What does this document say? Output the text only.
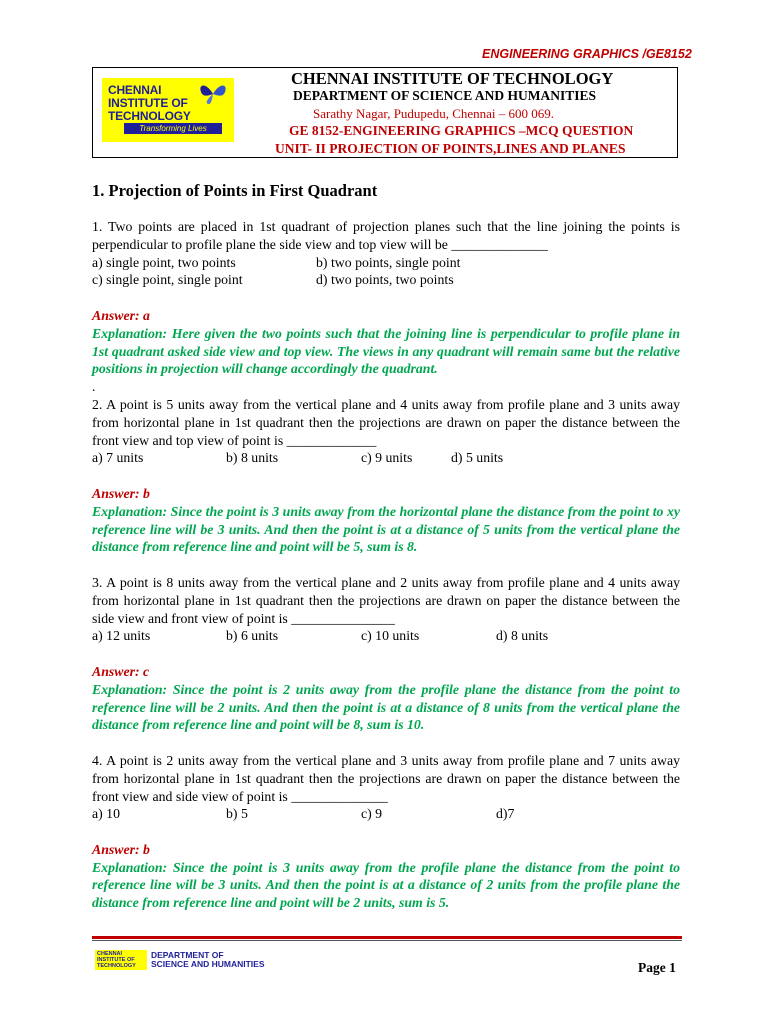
ENGINEERING GRAPHICS /GE8152
CHENNAI
INSTITUTE OF
TECHNOLOGY
Transforming Lives
CHENNAI INSTITUTE OF TECHNOLOGY
DEPARTMENT OF SCIENCE AND HUMANITIES
Sarathy Nagar, Pudupedu, Chennai – 600 069.
GE 8152-ENGINEERING GRAPHICS –MCQ QUESTION
UNIT- II PROJECTION OF POINTS,LINES AND PLANES
1. Projection of Points in First Quadrant

1. Two points are placed in 1st quadrant of projection planes such that the line joining the points is perpendicular to profile plane the side view and top view will be ______________

a) single point, two points	b) two points, single point
c) single point, single point	d) two points, two points

Answer: a

Explanation: Here given the two points such that the joining line is perpendicular to profile plane in 1st quadrant asked side view and top view. The views in any quadrant will remain same but the relative positions in projection will change accordingly the quadrant.

.

2. A point is 5 units away from the vertical plane and 4 units away from profile plane and 3 units away from horizontal plane in 1st quadrant then the projections are drawn on paper the distance between the front view and top view of point is _____________

a) 7 units	b) 8 units	c) 9 units	d) 5 units

Answer: b

Explanation: Since the point is 3 units away from the horizontal plane the distance from the point to xy reference line will be 3 units. And then the point is at a distance of 5 units from the vertical plane the distance from reference line and point will be 5, sum is 8.

3. A point is 8 units away from the vertical plane and 2 units away from profile plane and 4 units away from horizontal plane in 1st quadrant then the projections are drawn on paper the distance between the side view and front view of point is _______________

a) 12 units	b) 6 units	c) 10 units	d) 8 units

Answer: c

Explanation: Since the point is 2 units away from the profile plane the distance from the point to reference line will be 2 units. And then the point is at a distance of 8 units from the vertical plane the distance from reference line and point will be 8, sum is 10.

4. A point is 2 units away from the vertical plane and 3 units away from profile plane and 7 units away from horizontal plane in 1st quadrant then the projections are drawn on paper the distance between the front view and side view of point is ______________

a) 10	b) 5	c) 9	d)7

Answer: b

Explanation: Since the point is 3 units away from the profile plane the distance from the point to reference line will be 3 units. And then the point is at a distance of 2 units from the profile plane the distance from reference line and point will be 2 units, sum is 5.

CHENNAI
INSTITUTE OF
TECHNOLOGY
DEPARTMENT OF
SCIENCE AND HUMANITIES	Page 1
